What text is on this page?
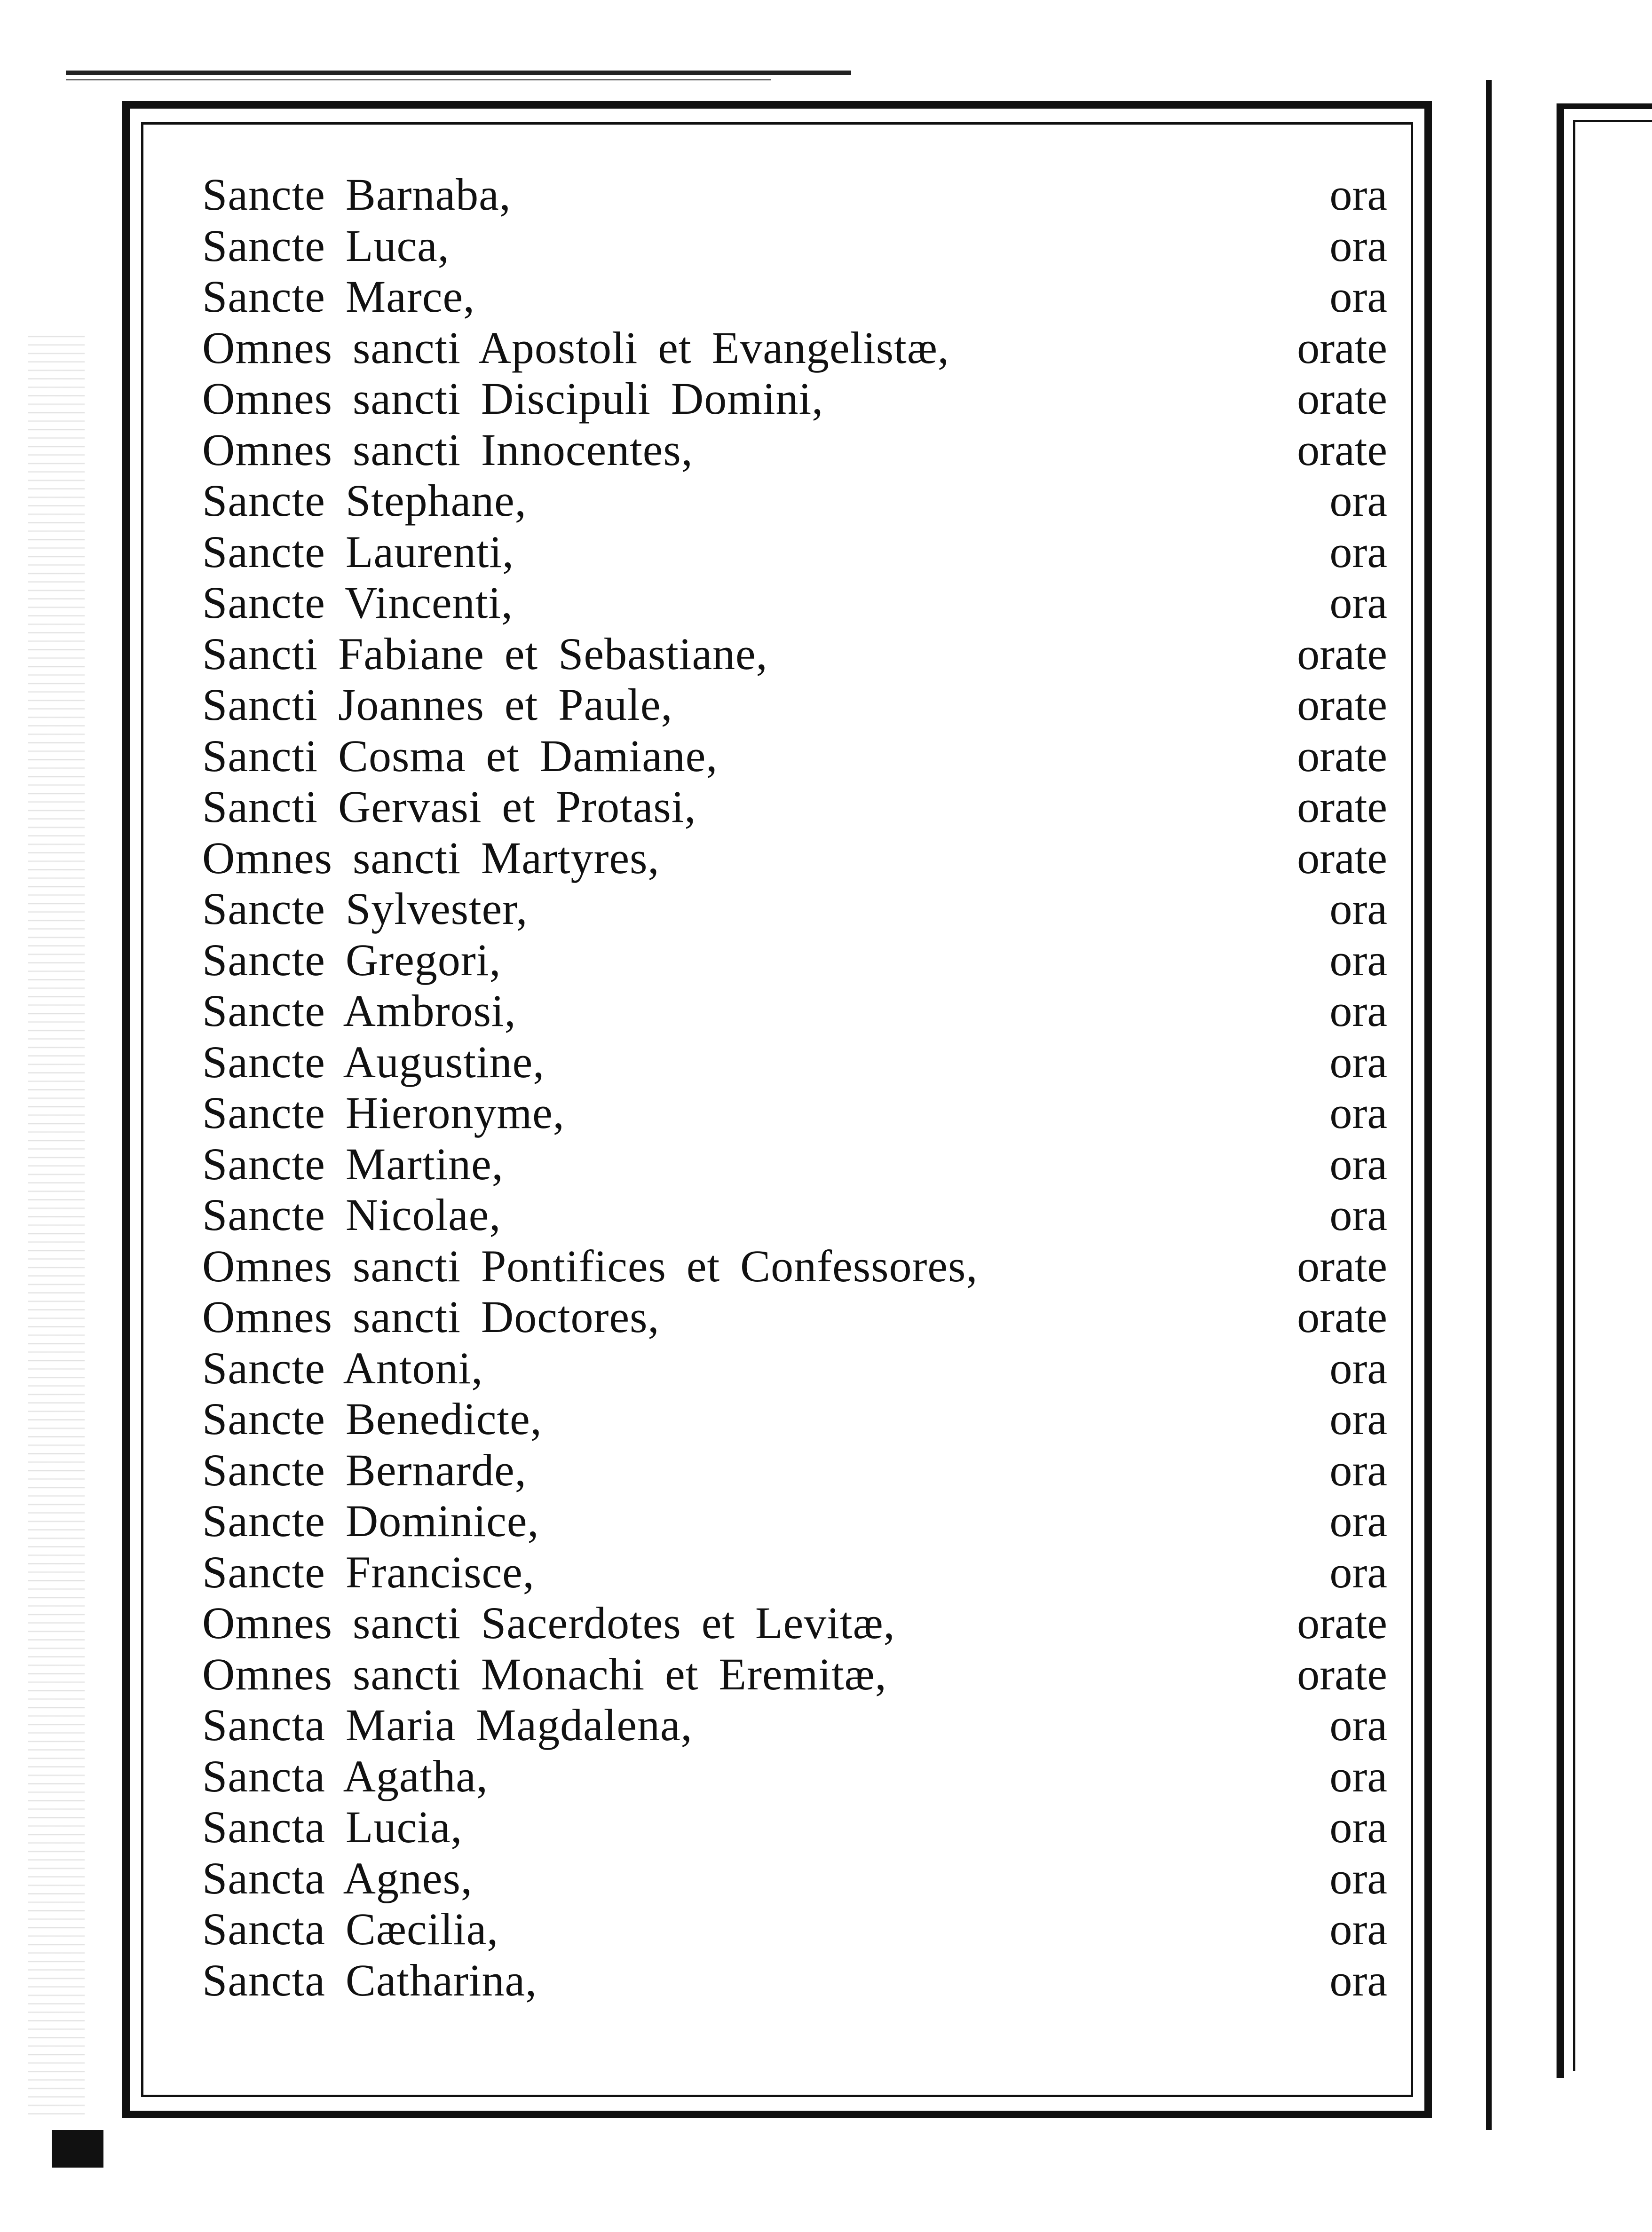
Sancte Barnaba,	ora
Sancte Luca,	ora
Sancte Marce,	ora
Omnes sancti Apostoli et Evangelistæ,	orate
Omnes sancti Discipuli Domini,	orate
Omnes sancti Innocentes,	orate
Sancte Stephane,	ora
Sancte Laurenti,	ora
Sancte Vincenti,	ora
Sancti Fabiane et Sebastiane,	orate
Sancti Joannes et Paule,	orate
Sancti Cosma et Damiane,	orate
Sancti Gervasi et Protasi,	orate
Omnes sancti Martyres,	orate
Sancte Sylvester,	ora
Sancte Gregori,	ora
Sancte Ambrosi,	ora
Sancte Augustine,	ora
Sancte Hieronyme,	ora
Sancte Martine,	ora
Sancte Nicolae,	ora
Omnes sancti Pontifices et Confessores,	orate
Omnes sancti Doctores,	orate
Sancte Antoni,	ora
Sancte Benedicte,	ora
Sancte Bernarde,	ora
Sancte Dominice,	ora
Sancte Francisce,	ora
Omnes sancti Sacerdotes et Levitæ,	orate
Omnes sancti Monachi et Eremitæ,	orate
Sancta Maria Magdalena,	ora
Sancta Agatha,	ora
Sancta Lucia,	ora
Sancta Agnes,	ora
Sancta Cæcilia,	ora
Sancta Catharina,	ora
